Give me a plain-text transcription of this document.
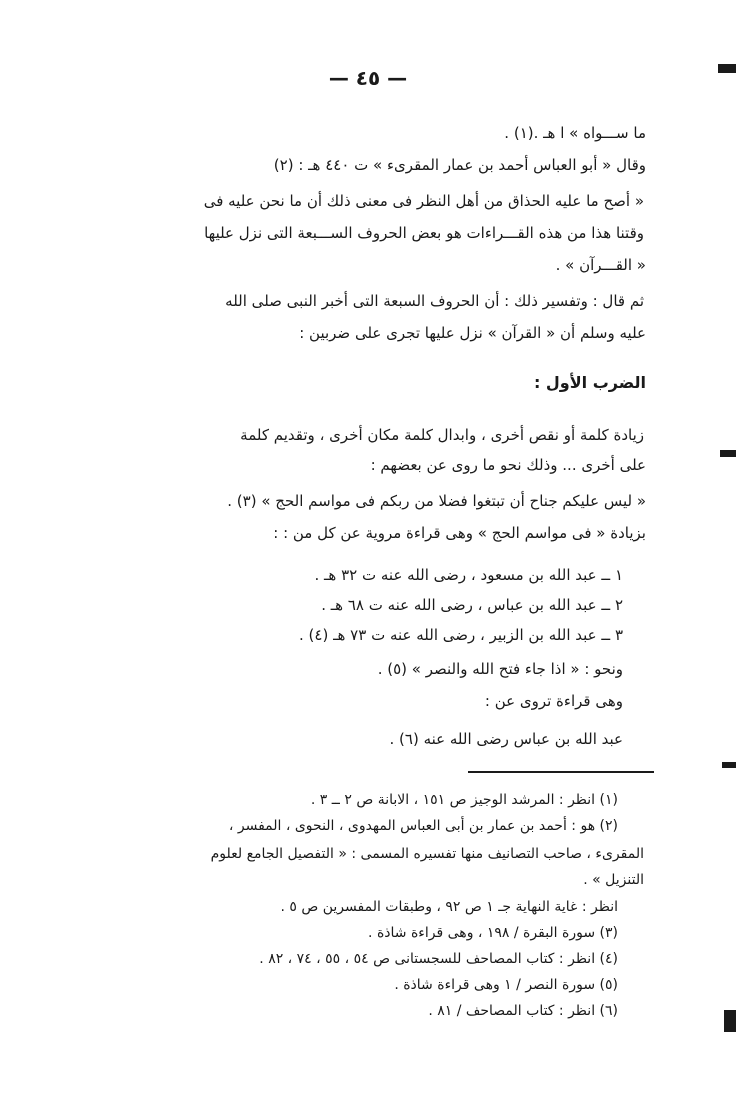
— ٤٥ —
ما ســـواه » ا هـ .(١) .
وقال « أبو العباس أحمد بن عمار المقرىء » ت ٤٤٠ هـ : (٢)
« أصح ما عليه الحذاق من أهل النظر فى معنى ذلك أن ما نحن عليه فى
وقتنا هذا من هذه القـــراءات هو بعض الحروف الســـبعة التى نزل عليها
« القـــرآن » .
ثم قال : وتفسير ذلك : أن الحروف السبعة التى أخبر النبى صلى الله
عليه وسلم أن « القرآن » نزل عليها تجرى على ضربين :
الضرب الأول :
زيادة كلمة أو نقص أخرى ، وابدال كلمة مكان أخرى ، وتقديم كلمة
على أخرى ... وذلك نحو ما روى عن بعضهم :
« ليس عليكم جناح أن تبتغوا فضلا من ربكم فى مواسم الحج » (٣) .
بزيادة « فى مواسم الحج » وهى قراءة مروية عن كل من : :
١ ــ عبد الله بن مسعود ، رضى الله عنه ت ٣٢ هـ .
٢ ــ عبد الله بن عباس ، رضى الله عنه ت ٦٨ هـ .
٣ ــ عبد الله بن الزبير ، رضى الله عنه ت ٧٣ هـ (٤) .
ونحو : « اذا جاء فتح الله والنصر » (٥) .
وهى قراءة تروى عن :
عبد الله بن عباس رضى الله عنه (٦) .
(١) انظر : المرشد الوجيز ص ١٥١ ، الابانة ص ٢ ــ ٣ .
(٢) هو : أحمد بن عمار بن أبى العباس المهدوى ، النحوى ، المفسر ،
المقرىء ، صاحب التصانيف منها تفسيره المسمى : « التفصيل الجامع لعلوم
التنزيل » .
انظر : غاية النهاية جـ ١ ص ٩٢ ، وطبقات المفسرين ص ٥ .
(٣) سورة البقرة / ١٩٨ ، وهى قراءة شاذة .
(٤) انظر : كتاب المصاحف للسجستانى ص ٥٤ ، ٥٥ ، ٧٤ ، ٨٢ .
(٥) سورة النصر / ١ وهى قراءة شاذة .
(٦) انظر : كتاب المصاحف / ٨١ .
